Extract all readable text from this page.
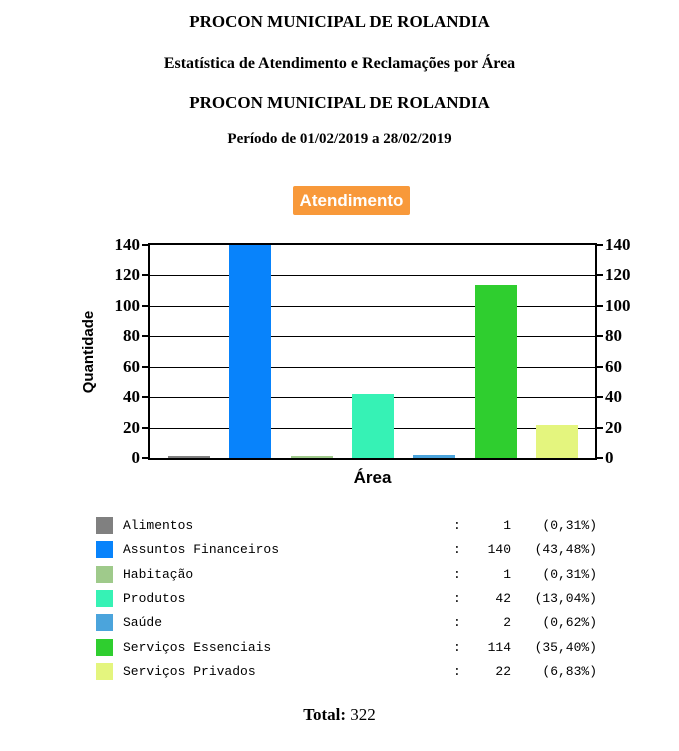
PROCON MUNICIPAL DE ROLANDIA
Estatística de Atendimento e Reclamações por Área
PROCON MUNICIPAL DE ROLANDIA
Período de 01/02/2019 a 28/02/2019
Atendimento
Quantidade
0	0
20	20
40	40
60	60
80	80
100	100
120	120
140	140
Área
Alimentos	:	1	(0,31%)
Assuntos Financeiros	:	140	(43,48%)
Habitação	:	1	(0,31%)
Produtos	:	42	(13,04%)
Saúde	:	2	(0,62%)
Serviços Essenciais	:	114	(35,40%)
Serviços Privados	:	22	(6,83%)
Total: 322
